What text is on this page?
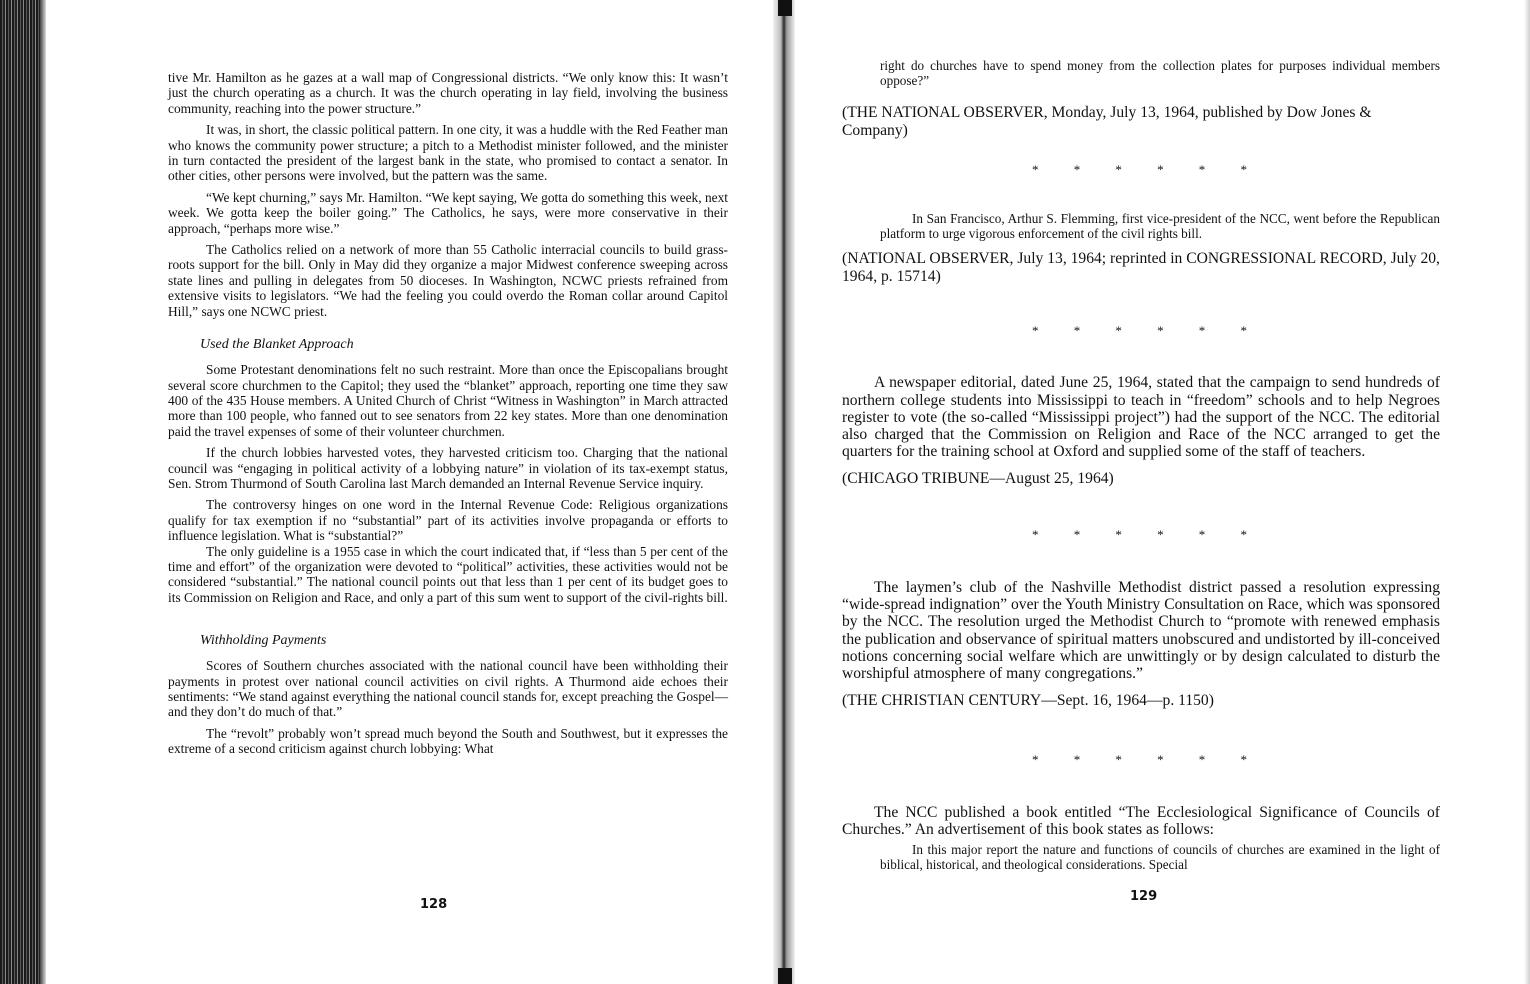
tive Mr. Hamilton as he gazes at a wall map of Congressional districts. “We only know this: It wasn’t just the church operating as a church. It was the church operating in lay field, involving the business community, reaching into the power structure.”

It was, in short, the classic political pattern. In one city, it was a huddle with the Red Feather man who knows the community power structure; a pitch to a Methodist minister followed, and the minister in turn contacted the president of the largest bank in the state, who promised to contact a senator. In other cities, other persons were involved, but the pattern was the same.

“We kept churning,” says Mr. Hamilton. “We kept saying, We gotta do something this week, next week. We gotta keep the boiler going.” The Catholics, he says, were more conservative in their approach, “perhaps more wise.”

The Catholics relied on a network of more than 55 Catholic interracial councils to build grass-roots support for the bill. Only in May did they organize a major Midwest conference sweeping across state lines and pulling in delegates from 50 dioceses. In Washington, NCWC priests refrained from extensive visits to legislators. “We had the feeling you could overdo the Roman collar around Capitol Hill,” says one NCWC priest.

Used the Blanket Approach

Some Protestant denominations felt no such restraint. More than once the Episcopalians brought several score churchmen to the Capitol; they used the “blanket” approach, reporting one time they saw 400 of the 435 House members. A United Church of Christ “Witness in Washington” in March attracted more than 100 people, who fanned out to see senators from 22 key states. More than one denomination paid the travel expenses of some of their volunteer churchmen.

If the church lobbies harvested votes, they harvested criticism too. Charging that the national council was “engaging in political activity of a lobbying nature” in violation of its tax-exempt status, Sen. Strom Thurmond of South Carolina last March demanded an Internal Revenue Service inquiry.

The controversy hinges on one word in the Internal Revenue Code: Religious organizations qualify for tax exemption if no “substantial” part of its activities involve propaganda or efforts to influence legislation. What is “substantial?”

The only guideline is a 1955 case in which the court indicated that, if “less than 5 per cent of the time and effort” of the organization were devoted to “political” activities, these activities would not be considered “substantial.” The national council points out that less than 1 per cent of its budget goes to its Commission on Religion and Race, and only a part of this sum went to support of the civil-rights bill.

Withholding Payments

Scores of Southern churches associated with the national council have been withholding their payments in protest over national council activities on civil rights. A Thurmond aide echoes their sentiments: “We stand against everything the national council stands for, except preaching the Gospel—and they don’t do much of that.”

The “revolt” probably won’t spread much beyond the South and Southwest, but it expresses the extreme of a second criticism against church lobbying: What

128

right do churches have to spend money from the collection plates for purposes individual members oppose?”

(THE NATIONAL OBSERVER, Monday, July 13, 1964, published by Dow Jones & Company)

*	*	*	*	*	*

In San Francisco, Arthur S. Flemming, first vice-president of the NCC, went before the Republican platform to urge vigorous enforcement of the civil rights bill.

(NATIONAL OBSERVER, July 13, 1964; reprinted in CONGRESSIONAL RECORD, July 20, 1964, p. 15714)

*	*	*	*	*	*

A newspaper editorial, dated June 25, 1964, stated that the campaign to send hundreds of northern college students into Mississippi to teach in “freedom” schools and to help Negroes register to vote (the so-called “Mississippi project”) had the support of the NCC. The editorial also charged that the Commission on Religion and Race of the NCC arranged to get the quarters for the training school at Oxford and supplied some of the staff of teachers.

(CHICAGO TRIBUNE—August 25, 1964)

*	*	*	*	*	*

The laymen’s club of the Nashville Methodist district passed a resolution expressing “wide-spread indignation” over the Youth Ministry Consultation on Race, which was sponsored by the NCC. The resolution urged the Methodist Church to “promote with renewed emphasis the publication and observance of spiritual matters unobscured and undistorted by ill-conceived notions concerning social welfare which are unwittingly or by design calculated to disturb the worshipful atmosphere of many congregations.”

(THE CHRISTIAN CENTURY—Sept. 16, 1964—p. 1150)

*	*	*	*	*	*

The NCC published a book entitled “The Ecclesiological Significance of Councils of Churches.” An advertisement of this book states as follows:

In this major report the nature and functions of councils of churches are examined in the light of biblical, historical, and theological considerations. Special

129
